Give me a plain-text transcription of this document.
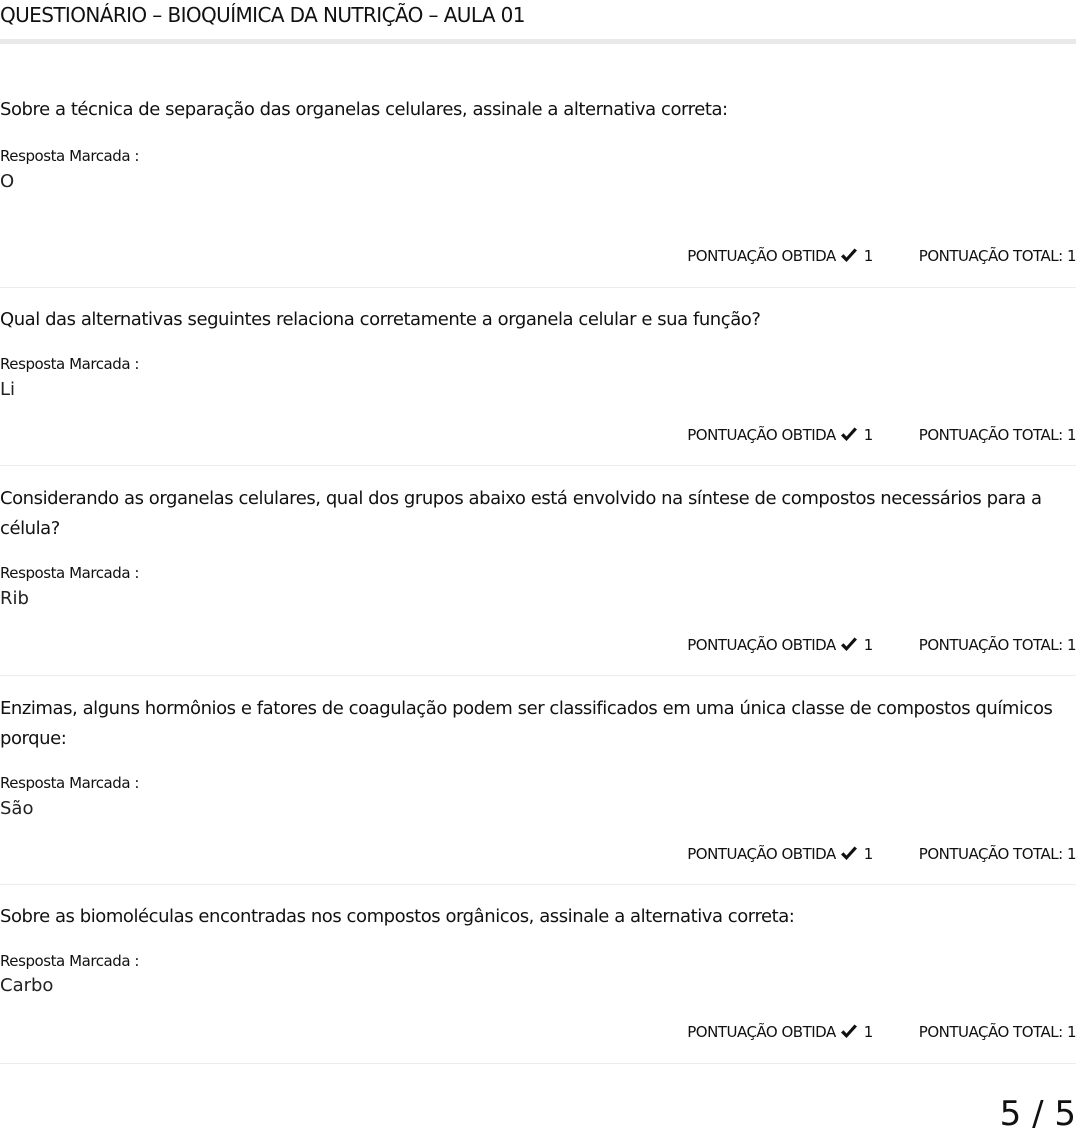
QUESTIONÁRIO – BIOQUÍMICA DA NUTRIÇÃO – AULA 01

Sobre a técnica de separação das organelas celulares, assinale a alternativa correta:

Resposta Marcada :
O
PONTUAÇÃO OBTIDA 1	PONTUAÇÃO TOTAL: 1

Qual das alternativas seguintes relaciona corretamente a organela celular e sua função?

Resposta Marcada :
Li
PONTUAÇÃO OBTIDA 1	PONTUAÇÃO TOTAL: 1

Considerando as organelas celulares, qual dos grupos abaixo está envolvido na síntese de compostos necessários para a célula?

Resposta Marcada :
Rib
PONTUAÇÃO OBTIDA 1	PONTUAÇÃO TOTAL: 1

Enzimas, alguns hormônios e fatores de coagulação podem ser classificados em uma única classe de compostos químicos porque:

Resposta Marcada :
São
PONTUAÇÃO OBTIDA 1	PONTUAÇÃO TOTAL: 1

Sobre as biomoléculas encontradas nos compostos orgânicos, assinale a alternativa correta:

Resposta Marcada :
Carbo
PONTUAÇÃO OBTIDA 1	PONTUAÇÃO TOTAL: 1
5 / 5
